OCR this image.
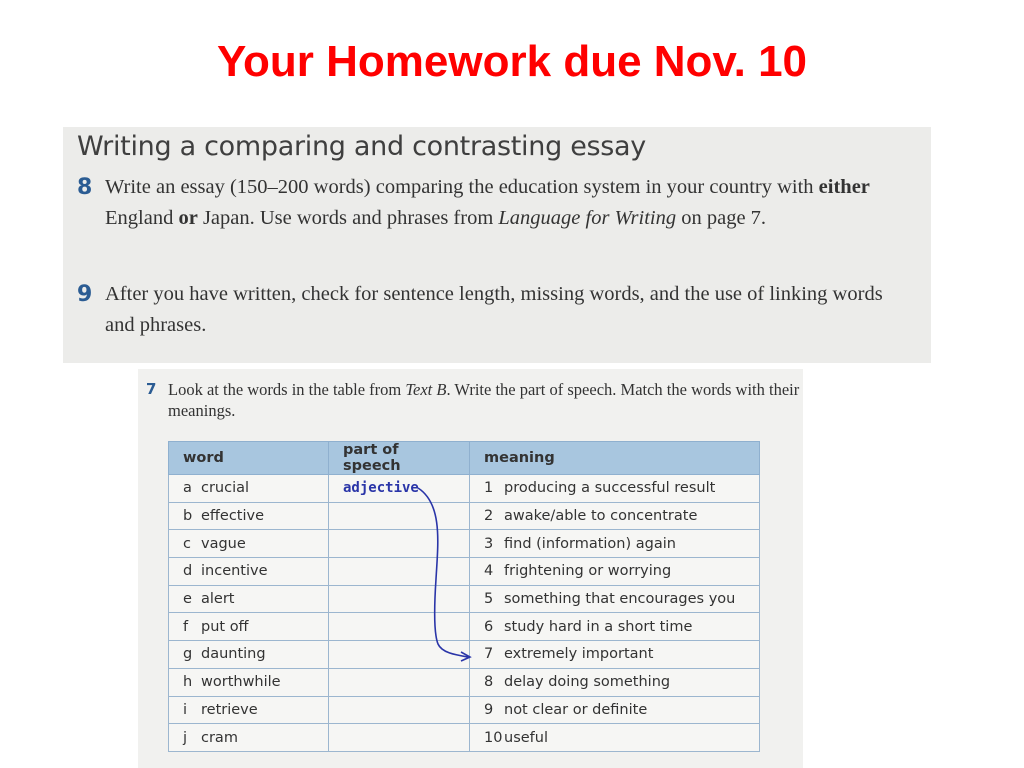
Your Homework due Nov. 10
Writing a comparing and contrasting essay
8 Write an essay (150–200 words) comparing the education system in your country with either England or Japan. Use words and phrases from Language for Writing on page 7.
9 After you have written, check for sentence length, missing words, and the use of linking words and phrases.
7 Look at the words in the table from Text B. Write the part of speech. Match the words with their meanings.
word	part of speech	meaning
a crucial	adjective	1 producing a successful result
b effective		2 awake/able to concentrate
c vague		3 find (information) again
d incentive		4 frightening or worrying
e alert		5 something that encourages you
f put off		6 study hard in a short time
g daunting		7 extremely important
h worthwhile		8 delay doing something
i retrieve		9 not clear or definite
j cram		10 useful
